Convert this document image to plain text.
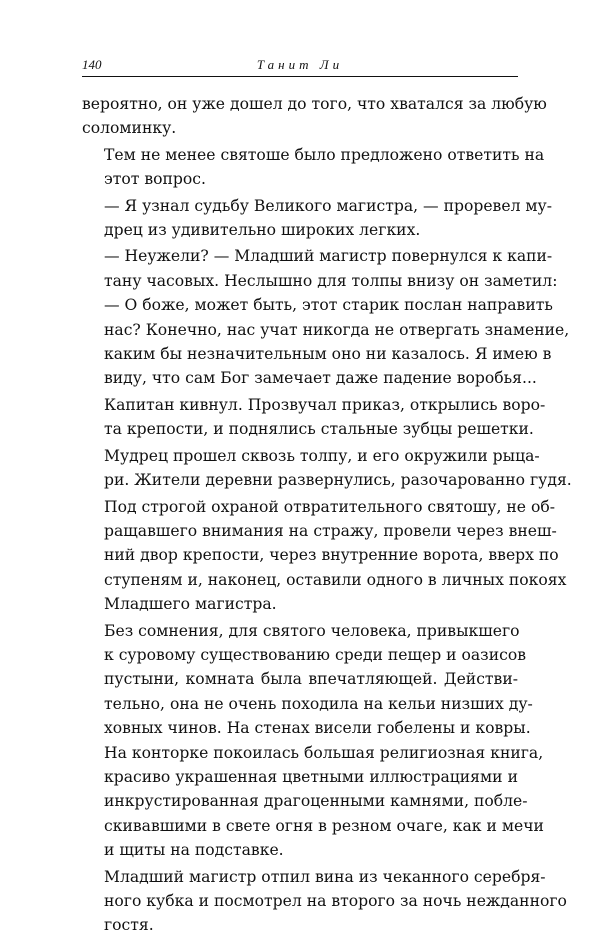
140	Танит Ли

вероятно, он уже дошел до того, что хватался за любую
соломинку.

Тем не менее святоше было предложено ответить на
этот вопрос.

— Я узнал судьбу Великого магистра, — проревел му-
дрец из удивительно широких легких.

— Неужели? — Младший магистр повернулся к капи-
тану часовых. Неслышно для толпы внизу он заметил:
— О боже, может быть, этот старик послан направить
нас? Конечно, нас учат никогда не отвергать знамение,
каким бы незначительным оно ни казалось. Я имею в
виду, что сам Бог замечает даже падение воробья...

Капитан кивнул. Прозвучал приказ, открылись воро-
та крепости, и поднялись стальные зубцы решетки.

Мудрец прошел сквозь толпу, и его окружили рыца-
ри. Жители деревни развернулись, разочарованно гудя.

Под строгой охраной отвратительного святошу, не об-
ращавшего внимания на стражу, провели через внеш-
ний двор крепости, через внутренние ворота, вверх по
ступеням и, наконец, оставили одного в личных покоях
Младшего магистра.

Без сомнения, для святого человека, привыкшего
к суровому существованию среди пещер и оазисов
пустыни, комната была впечатляющей. Действи-
тельно, она не очень походила на кельи низших ду-
ховных чинов. На стенах висели гобелены и ковры.
На конторке покоилась большая религиозная книга,
красиво украшенная цветными иллюстрациями и
инкрустированная драгоценными камнями, побле-
скивавшими в свете огня в резном очаге, как и мечи
и щиты на подставке.

Младший магистр отпил вина из чеканного серебря-
ного кубка и посмотрел на второго за ночь нежданного
гостя.
